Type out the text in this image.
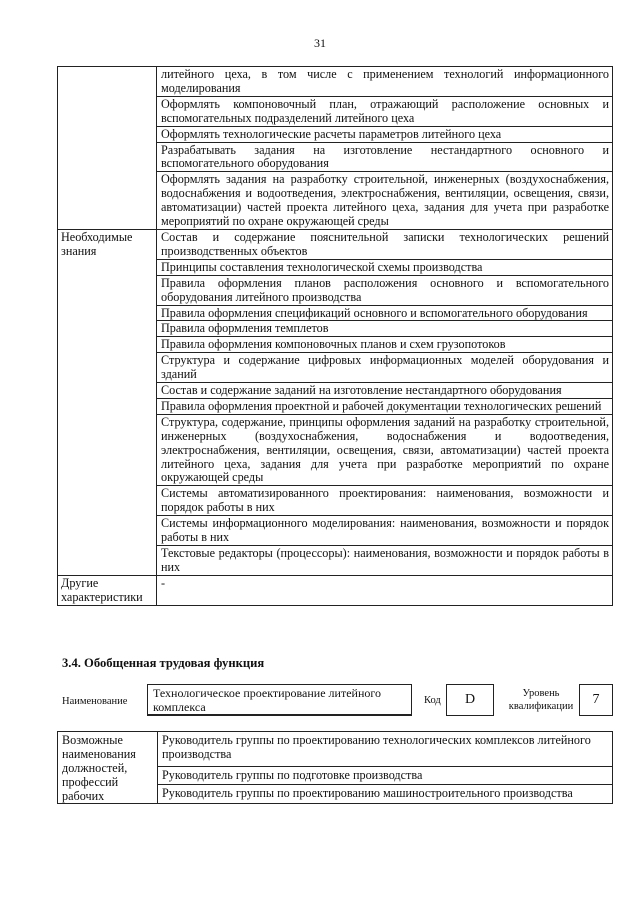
31
	литейного цеха, в том числе с применением технологий информационного моделирования
	Оформлять компоновочный план, отражающий расположение основных и вспомогательных подразделений литейного цеха
	Оформлять технологические расчеты параметров литейного цеха
	Разрабатывать задания на изготовление нестандартного основного и вспомогательного оборудования
	Оформлять задания на разработку строительной, инженерных (воздухоснабжения, водоснабжения и водоотведения, электроснабжения, вентиляции, освещения, связи, автоматизации) частей проекта литейного цеха, задания для учета при разработке мероприятий по охране окружающей среды
Необходимые знания	Состав и содержание пояснительной записки технологических решений производственных объектов
	Принципы составления технологической схемы производства
	Правила оформления планов расположения основного и вспомогательного оборудования литейного производства
	Правила оформления спецификаций основного и вспомогательного оборудования
	Правила оформления темплетов
	Правила оформления компоновочных планов и схем грузопотоков
	Структура и содержание цифровых информационных моделей оборудования и зданий
	Состав и содержание заданий на изготовление нестандартного оборудования
	Правила оформления проектной и рабочей документации технологических решений
	Структура, содержание, принципы оформления заданий на разработку строительной, инженерных (воздухоснабжения, водоснабжения и водоотведения, электроснабжения, вентиляции, освещения, связи, автоматизации) частей проекта литейного цеха, задания для учета при разработке мероприятий по охране окружающей среды
	Системы автоматизированного проектирования: наименования, возможности и порядок работы в них
	Системы информационного моделирования: наименования, возможности и порядок работы в них
	Текстовые редакторы (процессоры): наименования, возможности и порядок работы в них
Другие характеристики	-
3.4. Обобщенная трудовая функция
Наименование
Технологическое проектирование литейного комплекса	Код	D	Уровень квалификации	7
Возможные наименования должностей, профессий рабочих	Руководитель группы по проектированию технологических комплексов литейного производства
Руководитель группы по подготовке производства
Руководитель группы по проектированию машиностроительного производства
